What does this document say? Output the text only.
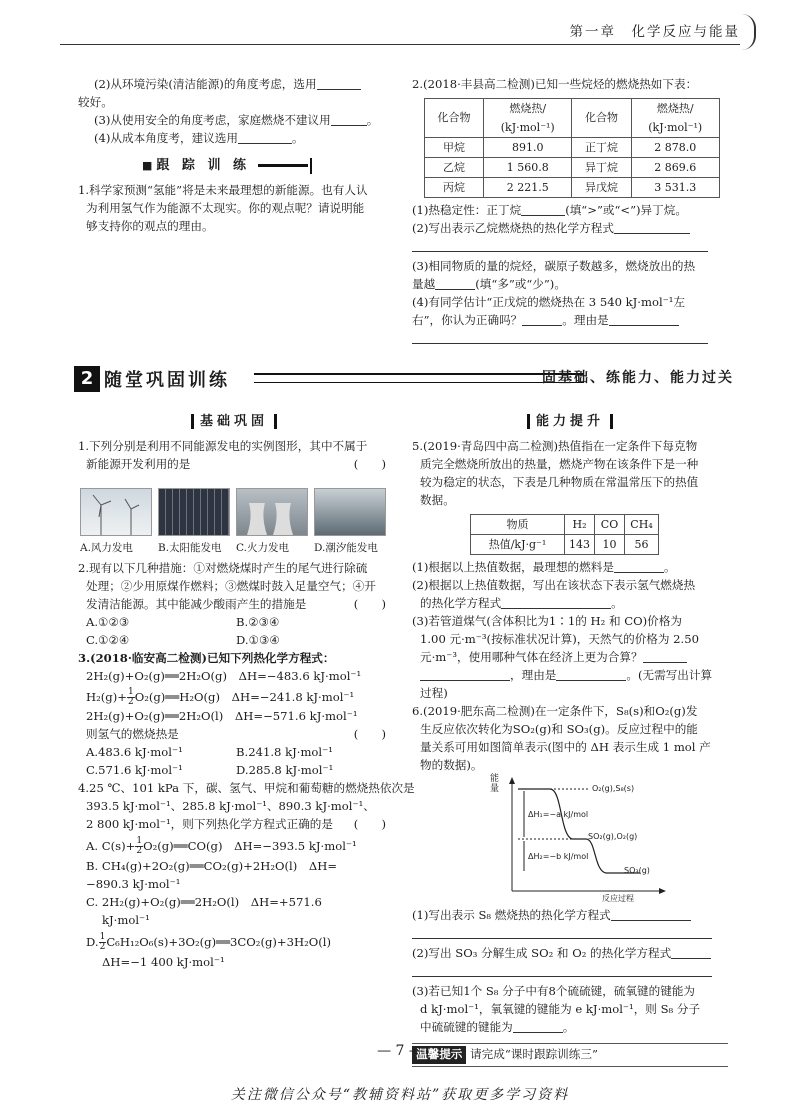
第一章　化学反应与能量

(2)从环境污染(清洁能源)的角度考虑，选用

较好。

(3)从使用安全的角度考虑，家庭燃烧不建议用	。

(4)从成本角度考，建议选用	。

■ 跟 踪 训 练

1.科学家预测“氢能”将是未来最理想的新能源。也有人认

为利用氢气作为能源不太现实。你的观点呢？请说明能

够支持你的观点的理由。

2.(2018·丰县高二检测)已知一些烷烃的燃烧热如下表：

化合物	燃烧热/	化合物	燃烧热/
	(kJ·mol⁻¹)		(kJ·mol⁻¹)
甲烷	891.0	正丁烷	2 878.0
乙烷	1 560.8	异丁烷	2 869.6
丙烷	2 221.5	异戊烷	3 531.3

(1)热稳定性：正丁烷	(填“>”或“<”)异丁烷。

(2)写出表示乙烷燃烧热的热化学方程式

(3)相同物质的量的烷烃，碳原子数越多，燃烧放出的热

量越	(填“多”或“少”)。

(4)有同学估计“正戊烷的燃烧热在 3 540 kJ·mol⁻¹左

右”，你认为正确吗？	。理由是

2 随堂巩固训练	固基础、练能力、能力过关
基础巩固

1.下列分别是利用不同能源发电的实例图形，其中不属于

新能源开发利用的是	(　　)

A.风力发电 B.太阳能发电 C.火力发电 D.潮汐能发电

2.现有以下几种措施：①对燃烧煤时产生的尾气进行除硫

处理；②少用原煤作燃料；③燃煤时鼓入足量空气；④开

发清洁能源。其中能减少酸雨产生的措施是	(　　)

A.①②③	B.②③④

C.①②④	D.①③④

3.(2018·临安高二检测)已知下列热化学方程式：

2H₂(g)+O₂(g)══2H₂O(g)　ΔH=−483.6 kJ·mol⁻¹

$H_2(g)+ \frac{1}{2}$ O₂(g)══H₂O(g)　ΔH=−241.8 kJ·mol⁻¹

2H₂(g)+O₂(g)══2H₂O(l)　ΔH=−571.6 kJ·mol⁻¹

则氢气的燃烧热是	(　　)

A.483.6 kJ·mol⁻¹	B.241.8 kJ·mol⁻¹

C.571.6 kJ·mol⁻¹	D.285.8 kJ·mol⁻¹

4.25 ℃、101 kPa 下，碳、氢气、甲烷和葡萄糖的燃烧热依次是

393.5 kJ·mol⁻¹、285.8 kJ·mol⁻¹、890.3 kJ·mol⁻¹、

2 800 kJ·mol⁻¹，则下列热化学方程式正确的是 (　　)

A. $C(s)+ \frac{1}{2}$ O₂(g)══CO(g)　ΔH=−393.5 kJ·mol⁻¹

B. CH₄(g)+2O₂(g)══CO₂(g)+2H₂O(l)　ΔH=

−890.3 kJ·mol⁻¹

C. 2H₂(g)+O₂(g)══2H₂O(l)　ΔH=+571.6

kJ·mol⁻¹

D. $\frac{1}{2}$ C₆H₁₂O₆(s)+3O₂(g)══3CO₂(g)+3H₂O(l)

ΔH=−1 400 kJ·mol⁻¹

能力提升

5.(2019·青岛四中高二检测)热值指在一定条件下每克物

质完全燃烧所放出的热量，燃烧产物在该条件下是一种

较为稳定的状态，下表是几种物质在常温常压下的热值

数据。

物质	H₂	CO	CH₄
热值/kJ·g⁻¹	143	10	56

(1)根据以上热值数据，最理想的燃料是	。

(2)根据以上热值数据，写出在该状态下表示氢气燃烧热

的热化学方程式	。

(3)若管道煤气(含体积比为1∶1的 H₂ 和 CO)价格为

1.00 元·m⁻³(按标准状况计算)，天然气的价格为 2.50

元·m⁻³，使用哪种气体在经济上更为合算？

，理由是	。(无需写出计算

过程)

6.(2019·肥东高二检测)在一定条件下，S₈(s)和O₂(g)发

生反应依次转化为SO₂(g)和 SO₃(g)。反应过程中的能

量关系可用如图简单表示(图中的 ΔH 表示生成 1 mol 产

物的数据)。

能量	O₂(g),S₈(s)
ΔH₁=−a kJ/mol
SO₂(g),O₂(g)
ΔH₂=−b kJ/mol
SO₃(g)
反应过程

(1)写出表示 S₈ 燃烧热的热化学方程式

(2)写出 SO₃ 分解生成 SO₂ 和 O₂ 的热化学方程式

(3)若已知1个 S₈ 分子中有8个硫硫键，硫氧键的键能为

d kJ·mol⁻¹，氧氧键的键能为 e kJ·mol⁻¹，则 S₈ 分子

中硫硫键的键能为	。

温馨提示 请完成“课时跟踪训练三”

— 7 —
关注微信公众号“教辅资料站”获取更多学习资料
